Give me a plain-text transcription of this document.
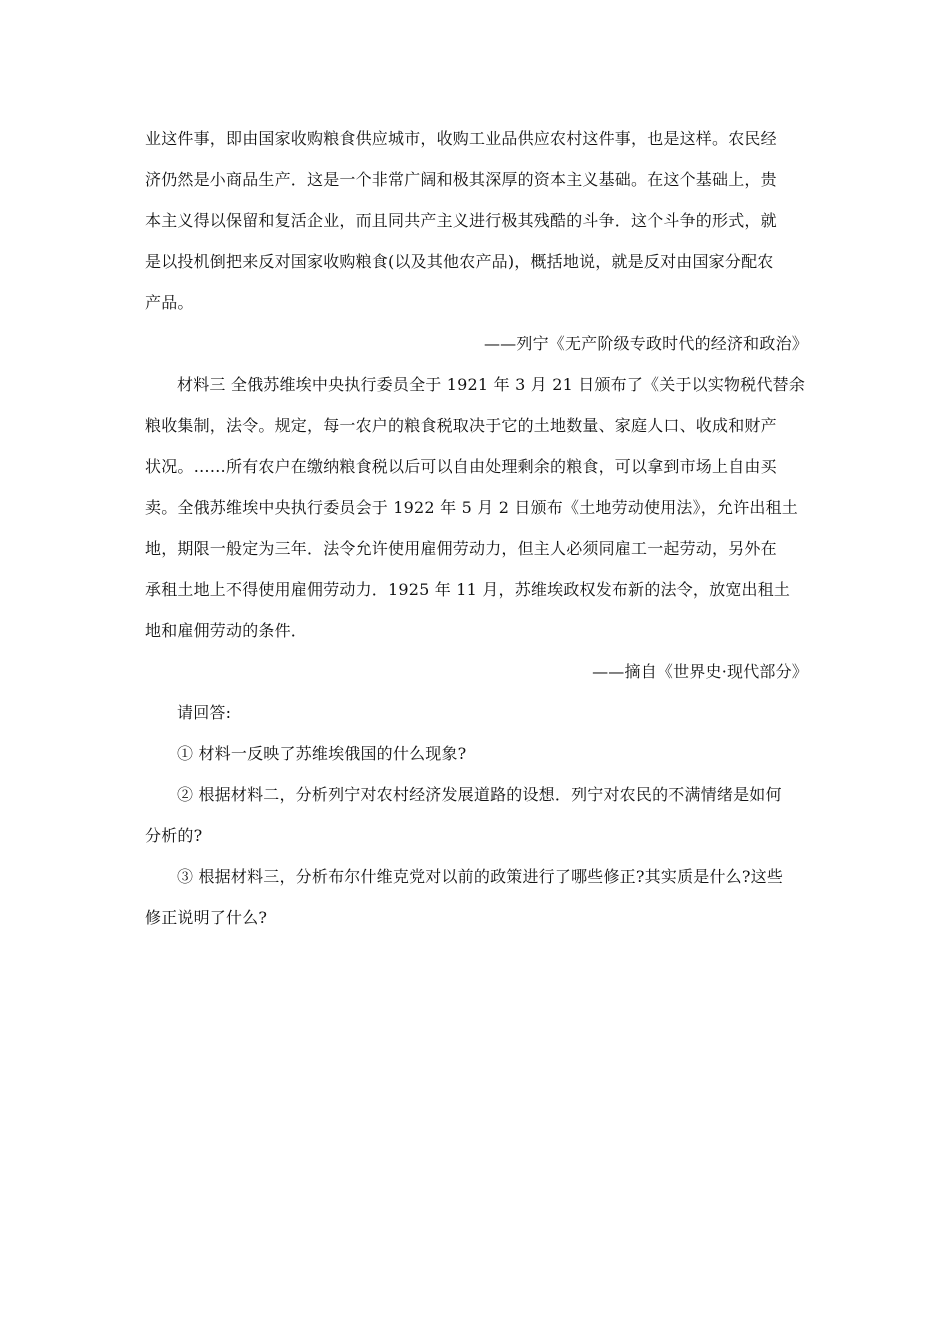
业这件事，即由国家收购粮食供应城市，收购工业品供应农村这件事，也是这样。农民经
济仍然是小商品生产．这是一个非常广阔和极其深厚的资本主义基础。在这个基础上，贵
本主义得以保留和复活企业，而且同共产主义进行极其残酷的斗争．这个斗争的形式，就
是以投机倒把来反对国家收购粮食(以及其他农产品)，概括地说，就是反对由国家分配农
产品。
——列宁《无产阶级专政时代的经济和政治》
材料三 全俄苏维埃中央执行委员全于 1921 年 3 月 21 日颁布了《关于以实物税代替余
粮收集制，法令。规定，每一农户的粮食税取决于它的土地数量、家庭人口、收成和财产
状况。……所有农户在缴纳粮食税以后可以自由处理剩余的粮食，可以拿到市场上自由买
卖。全俄苏维埃中央执行委员会于 1922 年 5 月 2 日颁布《土地劳动使用法》，允许出租土
地，期限一般定为三年．法令允许使用雇佣劳动力，但主人必须同雇工一起劳动，另外在
承租土地上不得使用雇佣劳动力．1925 年 11 月，苏维埃政权发布新的法令，放宽出租土
地和雇佣劳动的条件．
——摘自《世界史·现代部分》
请回答:
① 材料一反映了苏维埃俄国的什么现象?
② 根据材料二，分析列宁对农村经济发展道路的设想．列宁对农民的不满情绪是如何
分析的?
③ 根据材料三，分析布尔什维克党对以前的政策进行了哪些修正?其实质是什么?这些
修正说明了什么?
